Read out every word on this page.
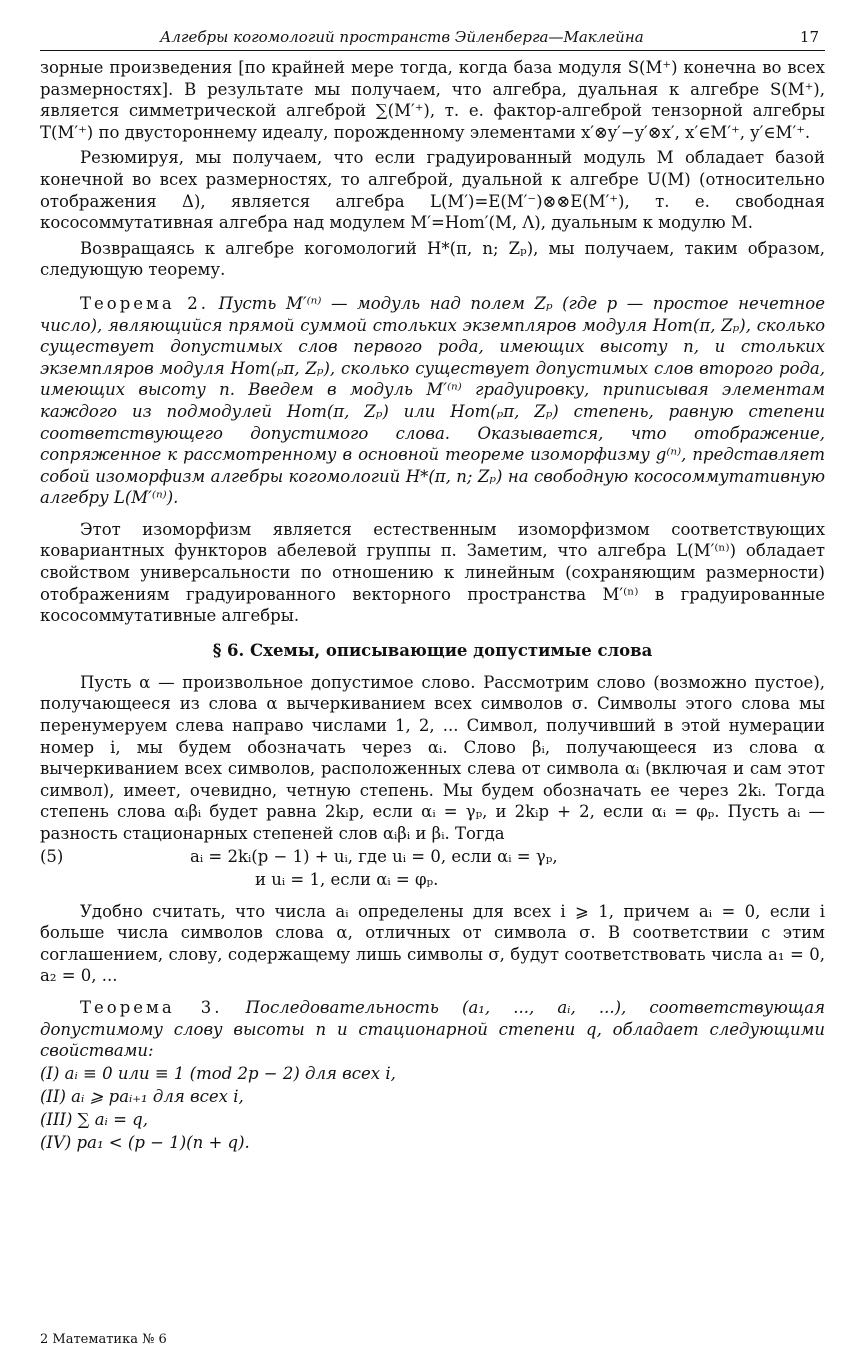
Алгебры когомологий пространств Эйленберга—Маклейна	17

зорные произведения [по крайней мере тогда, когда база модуля S(M⁺) конечна во всех размерностях]. В результате мы получаем, что алгебра, дуальная к алгебре S(M⁺), является симметрической алгеброй ∑(M′⁺), т. е. фактор-алгеброй тензорной алгебры T(M′⁺) по двустороннему идеалу, порожденному элементами x′⊗y′−y′⊗x′, x′∈M′⁺, y′∈M′⁺.

Резюмируя, мы получаем, что если градуированный модуль M обладает базой конечной во всех размерностях, то алгеброй, дуальной к алгебре U(M) (относительно отображения Δ), является алгебра L(M′)=E(M′⁻)⊗⊗E(M′⁺), т. е. свободная кососоммутативная алгебра над модулем M′=Hom′(M, Λ), дуальным к модулю M.

Возвращаясь к алгебре когомологий H*(π, n; Zₚ), мы получаем, таким образом, следующую теорему.

Теорема 2. Пусть M′⁽ⁿ⁾ — модуль над полем Zₚ (где p — простое нечетное число), являющийся прямой суммой стольких экземпляров модуля Hom(π, Zₚ), сколько существует допустимых слов первого рода, имеющих высоту n, и стольких экземпляров модуля Hom(ₚπ, Zₚ), сколько существует допустимых слов второго рода, имеющих высоту n. Введем в модуль M′⁽ⁿ⁾ градуировку, приписывая элементам каждого из подмодулей Hom(π, Zₚ) или Hom(ₚπ, Zₚ) степень, равную степени соответствующего допустимого слова. Оказывается, что отображение, сопряженное к рассмотренному в основной теореме изоморфизму g⁽ⁿ⁾, представляет собой изоморфизм алгебры когомологий H*(π, n; Zₚ) на свободную кососоммутативную алгебру L(M′⁽ⁿ⁾).

Этот изоморфизм является естественным изоморфизмом соответствующих ковариантных функторов абелевой группы π. Заметим, что алгебра L(M′⁽ⁿ⁾) обладает свойством универсальности по отношению к линейным (сохраняющим размерности) отображениям градуированного векторного пространства M′⁽ⁿ⁾ в градуированные кососоммутативные алгебры.

§ 6. Схемы, описывающие допустимые слова

Пусть α — произвольное допустимое слово. Рассмотрим слово (возможно пустое), получающееся из слова α вычеркиванием всех символов σ. Символы этого слова мы перенумеруем слева направо числами 1, 2, ... Символ, получивший в этой нумерации номер i, мы будем обозначать через αᵢ. Слово βᵢ, получающееся из слова α вычеркиванием всех символов, расположенных слева от символа αᵢ (включая и сам этот символ), имеет, очевидно, четную степень. Мы будем обозначать ее через 2kᵢ. Тогда степень слова αᵢβᵢ будет равна 2kᵢp, если αᵢ = γₚ, и 2kᵢp + 2, если αᵢ = φₚ. Пусть aᵢ — разность стационарных степеней слов αᵢβᵢ и βᵢ. Тогда

(5)	aᵢ = 2kᵢ(p − 1) + uᵢ, где uᵢ = 0, если αᵢ = γₚ,
и uᵢ = 1, если αᵢ = φₚ.

Удобно считать, что числа aᵢ определены для всех i ⩾ 1, причем aᵢ = 0, если i больше числа символов слова α, отличных от символа σ. В соответствии с этим соглашением, слову, содержащему лишь символы σ, будут соответствовать числа a₁ = 0, a₂ = 0, ...

Теорема 3. Последовательность (a₁, ..., aᵢ, ...), соответствующая допустимому слову высоты n и стационарной степени q, обладает следующими свойствами:

(I) aᵢ ≡ 0 или ≡ 1 (mod 2p − 2) для всех i,
(II) aᵢ ⩾ paᵢ₊₁ для всех i,
(III) ∑ aᵢ = q,
(IV) pa₁ < (p − 1)(n + q).
2 Математика № 6
